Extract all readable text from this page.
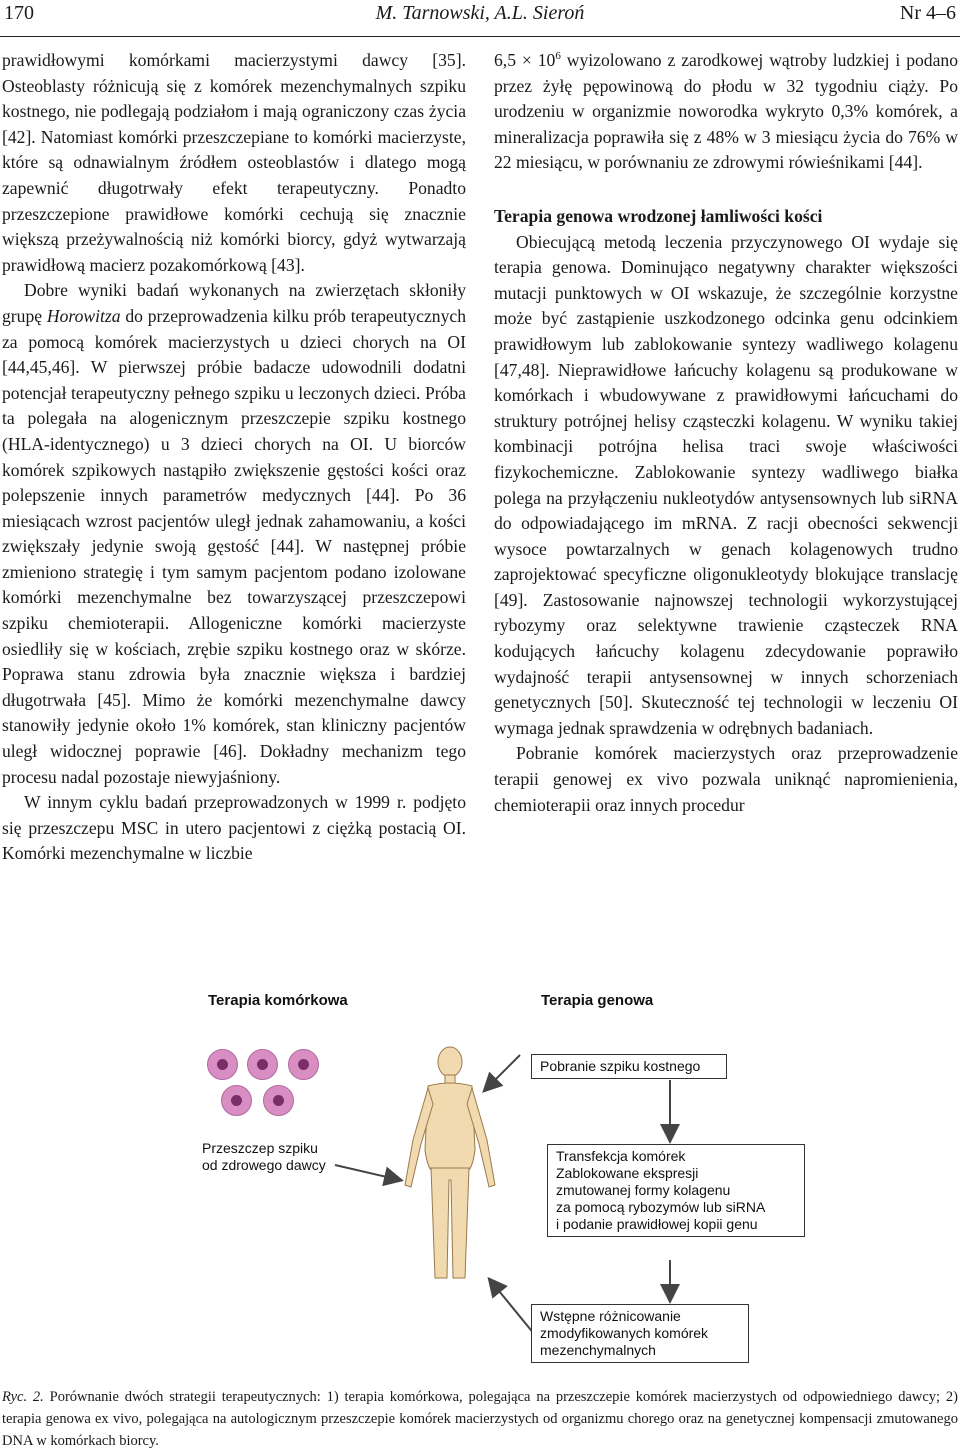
170	M. Tarnowski, A.L. Sieroń	Nr 4–6

prawidłowymi komórkami macierzystymi dawcy [35]. Osteoblasty różnicują się z komórek mezenchymalnych szpiku kostnego, nie podlegają podziałom i mają ograniczony czas życia [42]. Natomiast komórki przeszczepiane to komórki macierzyste, które są odnawialnym źródłem osteoblastów i dlatego mogą zapewnić długotrwały efekt terapeutyczny. Ponadto przeszczepione prawidłowe komórki cechują się znacznie większą przeżywalnością niż komórki biorcy, gdyż wytwarzają prawidłową macierz pozakomórkową [43].

Dobre wyniki badań wykonanych na zwierzętach skłoniły grupę Horowitza do przeprowadzenia kilku prób terapeutycznych za pomocą komórek macierzystych u dzieci chorych na OI [44,45,46]. W pierwszej próbie badacze udowodnili dodatni potencjał terapeutyczny pełnego szpiku u leczonych dzieci. Próba ta polegała na alogenicznym przeszczepie szpiku kostnego (HLA-identycznego) u 3 dzieci chorych na OI. U biorców komórek szpikowych nastąpiło zwiększenie gęstości kości oraz polepszenie innych parametrów medycznych [44]. Po 36 miesiącach wzrost pacjentów uległ jednak zahamowaniu, a kości zwiększały jedynie swoją gęstość [44]. W następnej próbie zmieniono strategię i tym samym pacjentom podano izolowane komórki mezenchymalne bez towarzyszącej przeszczepowi szpiku chemioterapii. Allogeniczne komórki macierzyste osiedliły się w kościach, zrębie szpiku kostnego oraz w skórze. Poprawa stanu zdrowia była znacznie większa i bardziej długotrwała [45]. Mimo że komórki mezenchymalne dawcy stanowiły jedynie około 1% komórek, stan kliniczny pacjentów uległ widocznej poprawie [46]. Dokładny mechanizm tego procesu nadal pozostaje niewyjaśniony.

W innym cyklu badań przeprowadzonych w 1999 r. podjęto się przeszczepu MSC in utero pacjentowi z ciężką postacią OI. Komórki mezenchymalne w liczbie

$6,5 \times 10^6$ wyizolowano z zarodkowej wątroby ludzkiej i podano przez żyłę pępowinową do płodu w 32 tygodniu ciąży. Po urodzeniu w organizmie noworodka wykryto 0,3% komórek, a mineralizacja poprawiła się z 48% w 3 miesiącu życia do 76% w 22 miesiącu, w porównaniu ze zdrowymi rówieśnikami [44].

Terapia genowa wrodzonej łamliwości kości

Obiecującą metodą leczenia przyczynowego OI wydaje się terapia genowa. Dominująco negatywny charakter większości mutacji punktowych w OI wskazuje, że szczególnie korzystne może być zastąpienie uszkodzonego odcinka genu odcinkiem prawidłowym lub zablokowanie syntezy wadliwego kolagenu [47,48]. Nieprawidłowe łańcuchy kolagenu są produkowane w komórkach i wbudowywane z prawidłowymi łańcuchami do struktury potrójnej helisy cząsteczki kolagenu. W wyniku takiej kombinacji potrójna helisa traci swoje właściwości fizykochemiczne. Zablokowanie syntezy wadliwego białka polega na przyłączeniu nukleotydów antysensownych lub siRNA do odpowiadającego im mRNA. Z racji obecności sekwencji wysoce powtarzalnych w genach kolagenowych trudno zaprojektować specyficzne oligonukleotydy blokujące translację [49]. Zastosowanie najnowszej technologii wykorzystującej rybozymy oraz selektywne trawienie cząsteczek RNA kodujących łańcuchy kolagenu zdecydowanie poprawiło wydajność terapii antysensownej w innych schorzeniach genetycznych [50]. Skuteczność tej technologii w leczeniu OI wymaga jednak sprawdzenia w odrębnych badaniach.

Pobranie komórek macierzystych oraz przeprowadzenie terapii genowej ex vivo pozwala uniknąć napromienienia, chemioterapii oraz innych procedur

Terapia komórkowa	Terapia genowa
Przeszczep szpiku
od zdrowego dawcy
Pobranie szpiku kostnego
Transfekcja komórek
Zablokowane ekspresji
zmutowanej formy kolagenu
za pomocą rybozymów lub siRNA
i podanie prawidłowej kopii genu
Wstępne różnicowanie
zmodyfikowanych komórek
mezenchymalnych
Ryc. 2. Porównanie dwóch strategii terapeutycznych: 1) terapia komórkowa, polegająca na przeszczepie komórek macierzystych od odpowiedniego dawcy; 2) terapia genowa ex vivo, polegająca na autologicznym przeszczepie komórek macierzystych od organizmu chorego oraz na genetycznej kompensacji zmutowanego DNA w komórkach biorcy.
